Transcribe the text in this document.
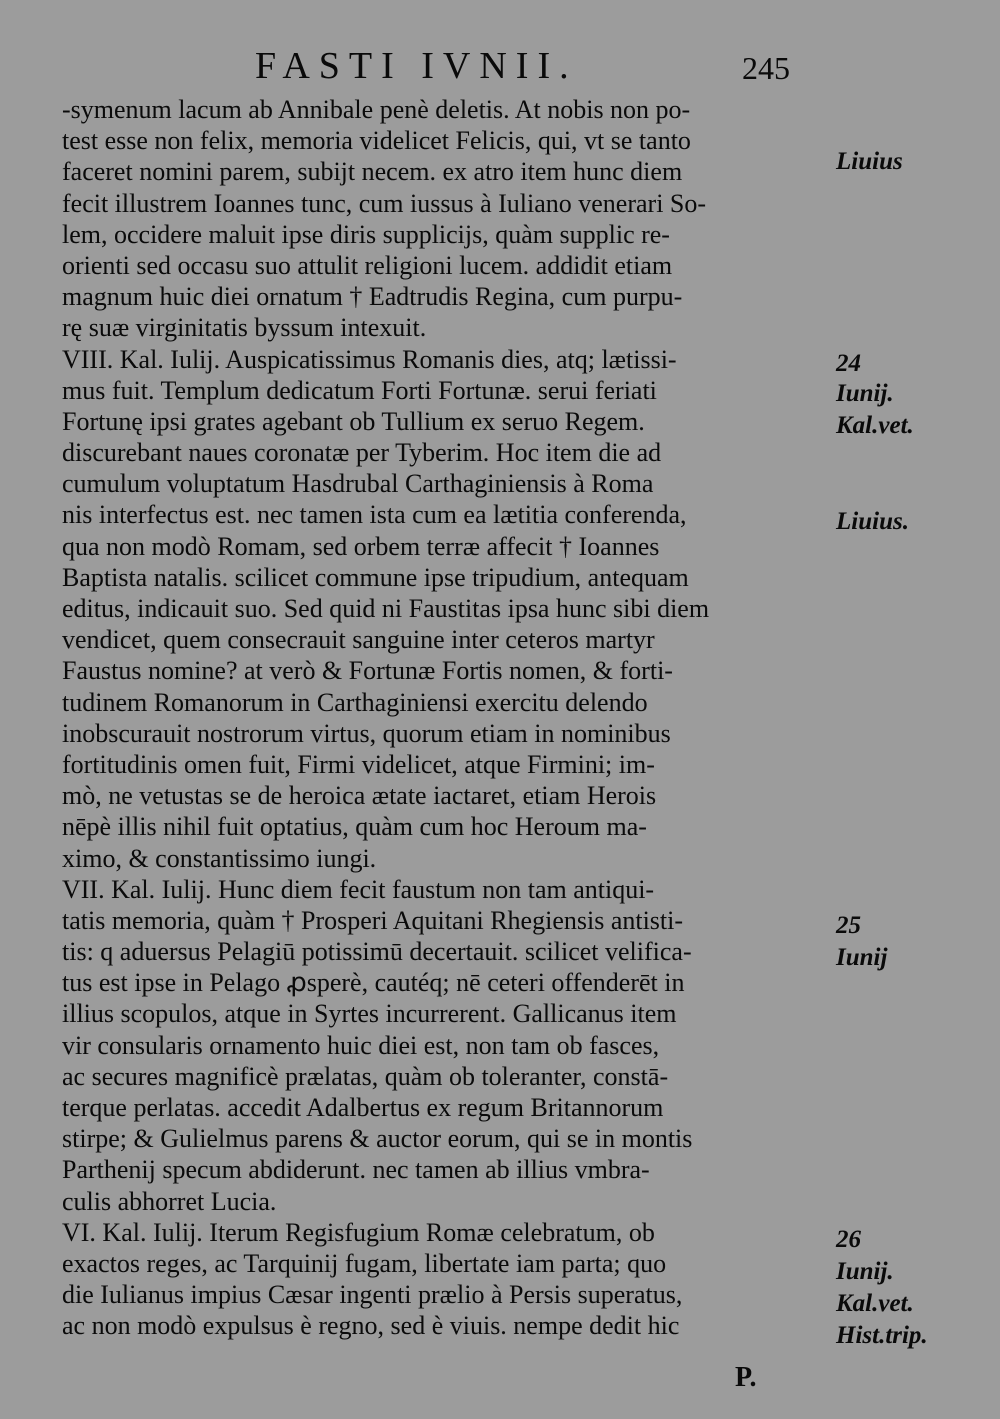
FASTI IVNII.	245
-symenum lacum ab Annibale penè deletis. At nobis non po-
test esse non felix, memoria videlicet Felicis, qui, vt se tanto
faceret nomini parem, subijt necem. ex atro item hunc diem
fecit illustrem Ioannes tunc, cum iussus à Iuliano venerari So-
lem, occidere maluit ipse diris supplicijs, quàm supplic re-
orienti sed occasu suo attulit religioni lucem. addidit etiam
magnum huic diei ornatum † Eadtrudis Regina, cum purpu-
rę suæ virginitatis byssum intexuit.
VIII. Kal. Iulij. Auspicatissimus Romanis dies, atq; lætissi-
mus fuit. Templum dedicatum Forti Fortunæ. serui feriati
Fortunę ipsi grates agebant ob Tullium ex seruo Regem.
discurebant naues coronatæ per Tyberim. Hoc item die ad
cumulum voluptatum Hasdrubal Carthaginiensis à Roma
nis interfectus est. nec tamen ista cum ea lætitia conferenda,
qua non modò Romam, sed orbem terræ affecit † Ioannes
Baptista natalis. scilicet commune ipse tripudium, antequam
editus, indicauit suo. Sed quid ni Faustitas ipsa hunc sibi diem
vendicet, quem consecrauit sanguine inter ceteros martyr
Faustus nomine? at verò & Fortunæ Fortis nomen, & forti-
tudinem Romanorum in Carthaginiensi exercitu delendo
inobscurauit nostrorum virtus, quorum etiam in nominibus
fortitudinis omen fuit, Firmi videlicet, atque Firmini; im-
mò, ne vetustas se de heroica ætate iactaret, etiam Herois
nēpè illis nihil fuit optatius, quàm cum hoc Heroum ma-
ximo, & constantissimo iungi.
VII. Kal. Iulij. Hunc diem fecit faustum non tam antiqui-
tatis memoria, quàm † Prosperi Aquitani Rhegiensis antisti-
tis: q aduersus Pelagiū potissimū decertauit. scilicet velifica-
tus est ipse in Pelago ꝓsperè, cautéq; nē ceteri offenderēt in
illius scopulos, atque in Syrtes incurrerent. Gallicanus item
vir consularis ornamento huic diei est, non tam ob fasces,
ac secures magnificè prælatas, quàm ob toleranter, constā-
terque perlatas. accedit Adalbertus ex regum Britannorum
stirpe; & Gulielmus parens & auctor eorum, qui se in montis
Parthenij specum abdiderunt. nec tamen ab illius vmbra-
culis abhorret Lucia.
VI. Kal. Iulij. Iterum Regisfugium Romæ celebratum, ob
exactos reges, ac Tarquinij fugam, libertate iam parta; quo
die Iulianus impius Cæsar ingenti prælio à Persis superatus,
ac non modò expulsus è regno, sed è viuis. nempe dedit hic
Liuius
24
Iunij.
Kal.vet.
Liuius.
25
Iunij
26
Iunij.
Kal.vet.
Hist.trip.
P.
